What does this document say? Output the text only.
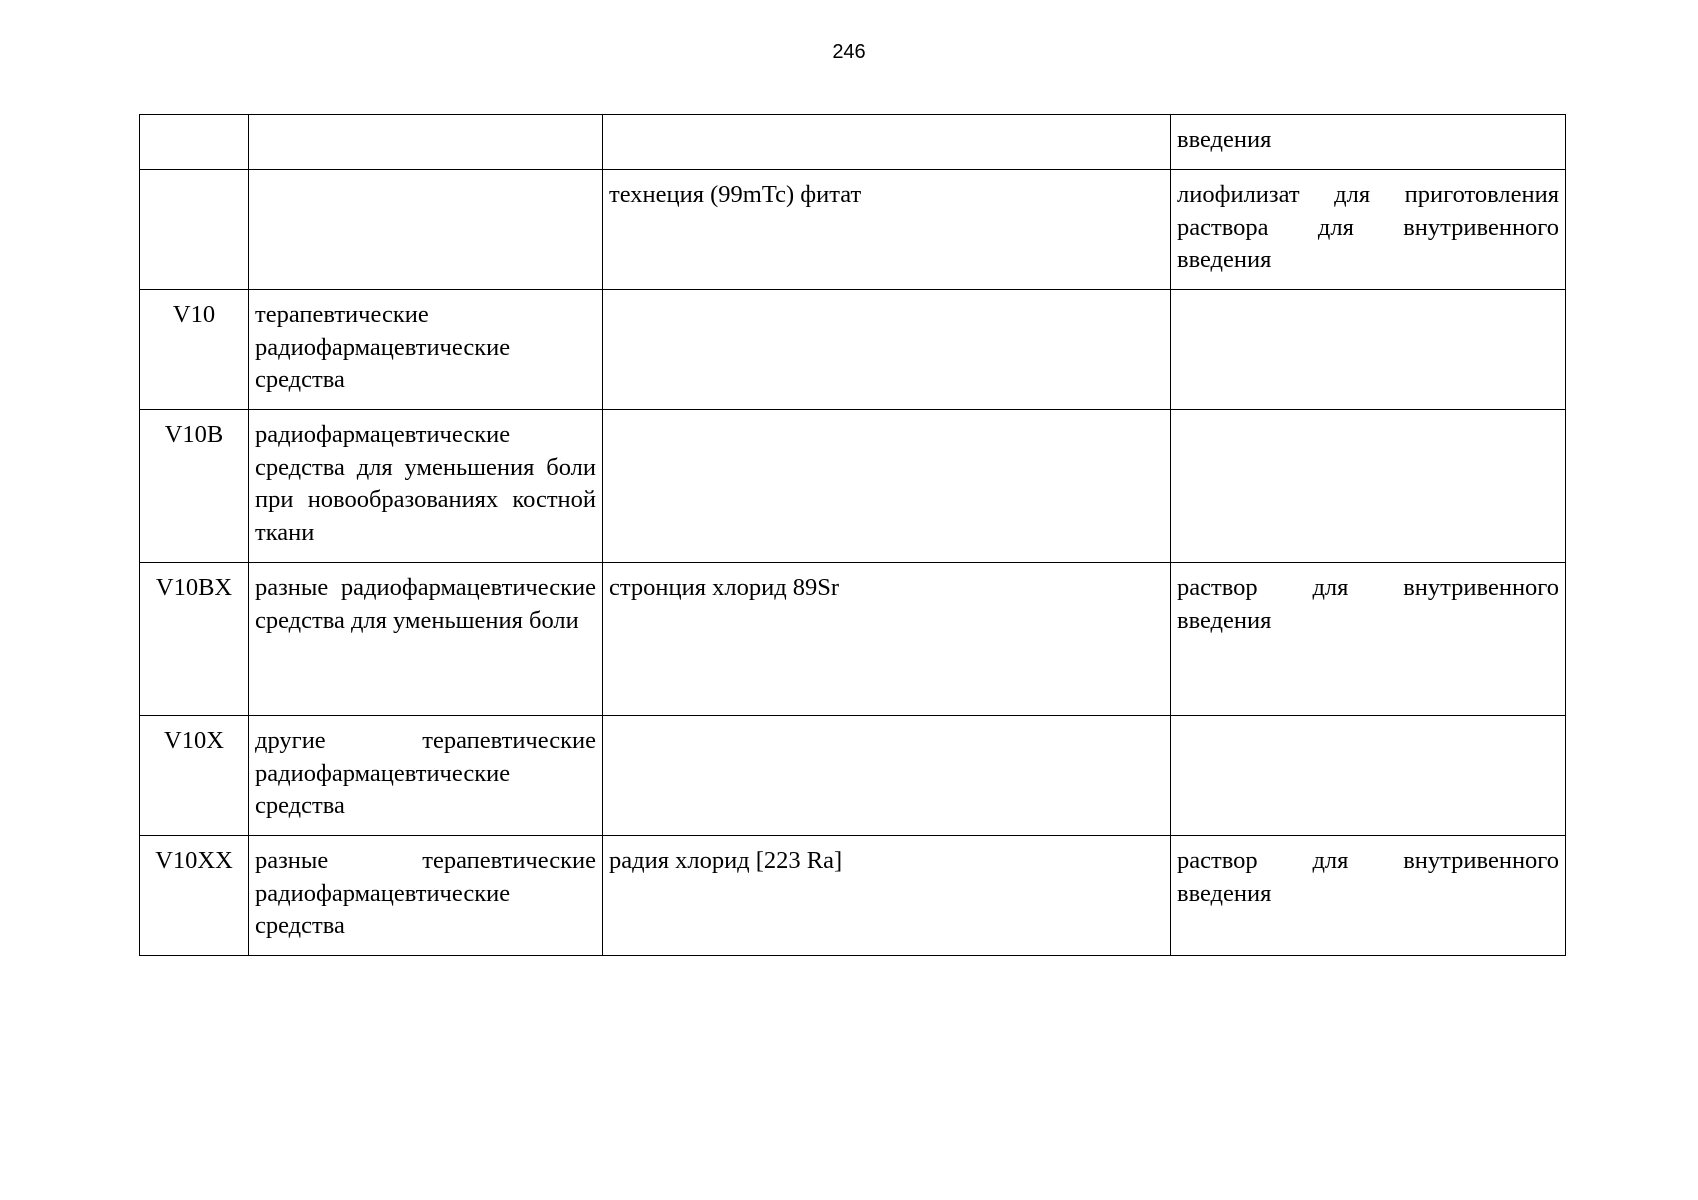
246
			введения
		технеция (99mTc) фитат	лиофилизат для приготовления раствора для внутривенного введения
V10	терапевтические радиофармацевтические средства		
V10B	радиофармацевтические средства для уменьшения боли при новообразованиях костной ткани		
V10BX	разные радиофармацевтические средства для уменьшения боли	стронция хлорид 89Sr	раствор для внутривенного введения
V10X	другие терапевтические радиофармацевтические средства		
V10XX	разные терапевтические радиофармацевтические средства	радия хлорид [223 Ra]	раствор для внутривенного введения
